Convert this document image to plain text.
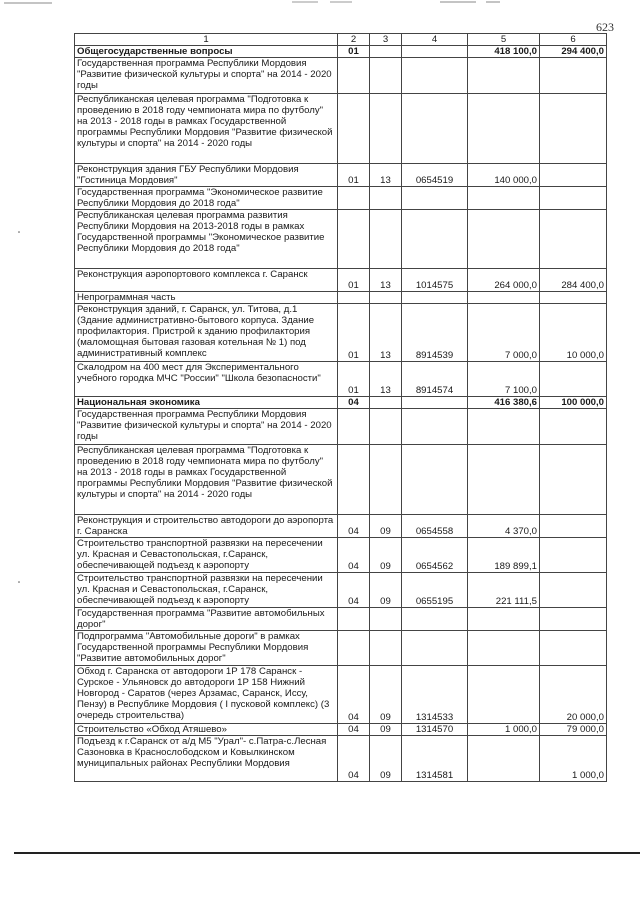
623
1	2	3	4	5	6
Общегосударственные вопросы	01			418 100,0	294 400,0
Государственная программа Республики Мордовия "Развитие физической культуры и спорта" на 2014 - 2020 годы					
Республиканская целевая программа "Подготовка к проведению в 2018 году чемпионата мира по футболу" на 2013 - 2018 годы в рамках Государственной программы Республики Мордовия "Развитие физической культуры и спорта" на 2014 - 2020 годы					
Реконструкция здания ГБУ Республики Мордовия "Гостиница Мордовия"	01	13	0654519	140 000,0	
Государственная программа "Экономическое развитие Республики Мордовия до 2018 года"					
Республиканская целевая программа развития Республики Мордовия на 2013-2018 годы в рамках Государственной программы "Экономическое развитие Республики Мордовия до 2018 года"					
Реконструкция аэропортового комплекса г. Саранск	01	13	1014575	264 000,0	284 400,0
Непрограммная часть					
Реконструкция зданий, г. Саранск, ул. Титова, д.1 (Здание административно-бытового корпуса. Здание профилактория. Пристрой к зданию профилактория (маломощная бытовая газовая котельная № 1) под административный комплекс	01	13	8914539	7 000,0	10 000,0
Скалодром на 400 мест для Экспериментального учебного городка МЧС "России" "Школа безопасности"	01	13	8914574	7 100,0	
Национальная экономика	04			416 380,6	100 000,0
Государственная программа Республики Мордовия "Развитие физической культуры и спорта" на 2014 - 2020 годы					
Республиканская целевая программа "Подготовка к проведению в 2018 году чемпионата мира по футболу" на 2013 - 2018 годы в рамках Государственной программы Республики Мордовия "Развитие физической культуры и спорта" на 2014 - 2020 годы					
Реконструкция и строительство автодороги до аэропорта г. Саранска	04	09	0654558	4 370,0	
Строительство транспортной развязки на пересечении ул. Красная и Севастопольская, г.Саранск, обеспечивающей подъезд к аэропорту	04	09	0654562	189 899,1	
Строительство транспортной развязки на пересечении ул. Красная и Севастопольская, г.Саранск, обеспечивающей подъезд к аэропорту	04	09	0655195	221 111,5	
Государственная программа "Развитие автомобильных дорог"					
Подпрограмма "Автомобильные дороги" в рамках Государственной программы Республики Мордовия "Развитие автомобильных дорог"					
Обход г. Саранска от автодороги 1Р 178 Саранск - Сурское - Ульяновск до автодороги 1Р 158 Нижний Новгород - Саратов (через Арзамас, Саранск, Иссу, Пензу) в Республике Мордовия ( I пусковой комплекс) (3 очередь строительства)	04	09	1314533		20 000,0
Строительство «Обход Атяшево»	04	09	1314570	1 000,0	79 000,0
Подъезд к г.Саранск от а/д М5 "Урал"- с.Патра-с.Лесная Сазоновка в Краснослободском и Ковылкинском муниципальных районах Республики Мордовия	04	09	1314581		1 000,0
